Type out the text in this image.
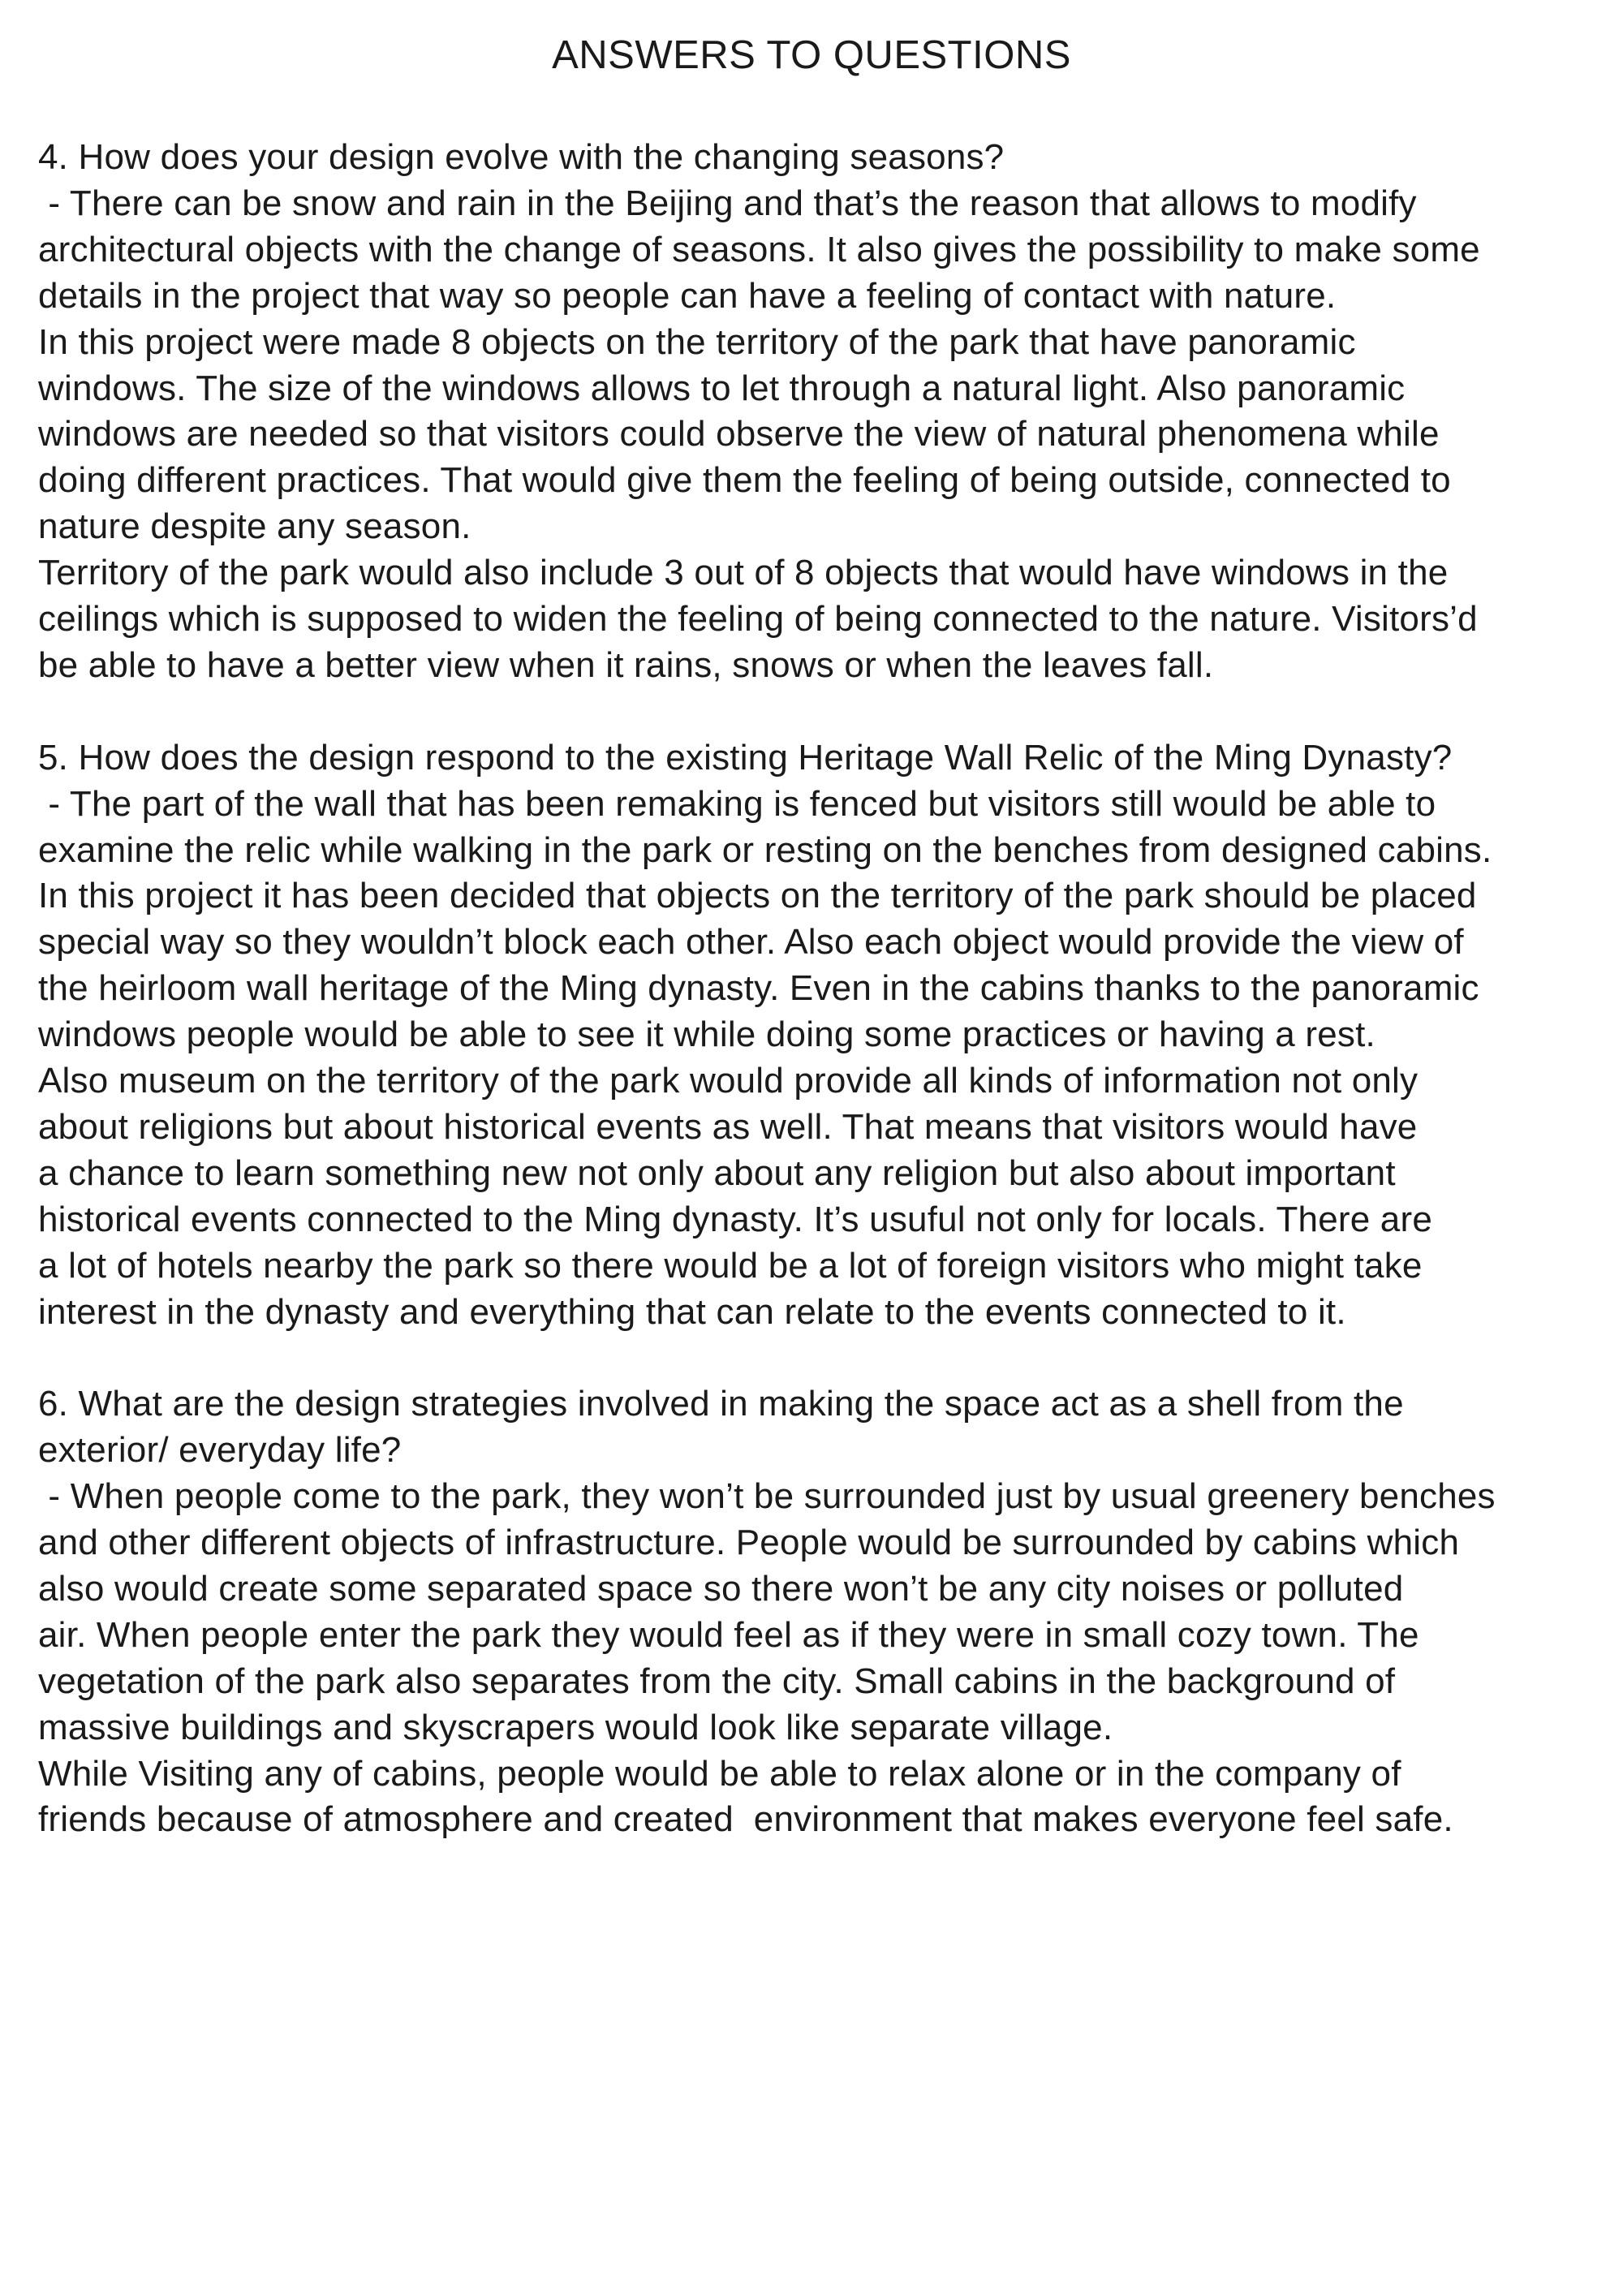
ANSWERS TO QUESTIONS

4. How does your design evolve with the changing seasons?

- There can be snow and rain in the Beijing and that’s the reason that allows to modify

architectural objects with the change of seasons. It also gives the possibility to make some

details in the project that way so people can have a feeling of contact with nature.

In this project were made 8 objects on the territory of the park that have panoramic

windows. The size of the windows allows to let through a natural light. Also panoramic

windows are needed so that visitors could observe the view of natural phenomena while

doing different practices. That would give them the feeling of being outside, connected to

nature despite any season.

Territory of the park would also include 3 out of 8 objects that would have windows in the

ceilings which is supposed to widen the feeling of being connected to the nature. Visitors’d

be able to have a better view when it rains, snows or when the leaves fall.

5. How does the design respond to the existing Heritage Wall Relic of the Ming Dynasty?

- The part of the wall that has been remaking is fenced but visitors still would be able to

examine the relic while walking in the park or resting on the benches from designed cabins.

In this project it has been decided that objects on the territory of the park should be placed

special way so they wouldn’t block each other. Also each object would provide the view of

the heirloom wall heritage of the Ming dynasty. Even in the cabins thanks to the panoramic

windows people would be able to see it while doing some practices or having a rest.

Also museum on the territory of the park would provide all kinds of information not only

about religions but about historical events as well. That means that visitors would have

a chance to learn something new not only about any religion but also about important

historical events connected to the Ming dynasty. It’s usuful not only for locals. There are

a lot of hotels nearby the park so there would be a lot of foreign visitors who might take

interest in the dynasty and everything that can relate to the events connected to it.

6. What are the design strategies involved in making the space act as a shell from the

exterior/ everyday life?

- When people come to the park, they won’t be surrounded just by usual greenery benches

and other different objects of infrastructure. People would be surrounded by cabins which

also would create some separated space so there won’t be any city noises or polluted

air. When people enter the park they would feel as if they were in small cozy town. The

vegetation of the park also separates from the city. Small cabins in the background of

massive buildings and skyscrapers would look like separate village.

While Visiting any of cabins, people would be able to relax alone or in the company of

friends because of atmosphere and created  environment that makes everyone feel safe.
